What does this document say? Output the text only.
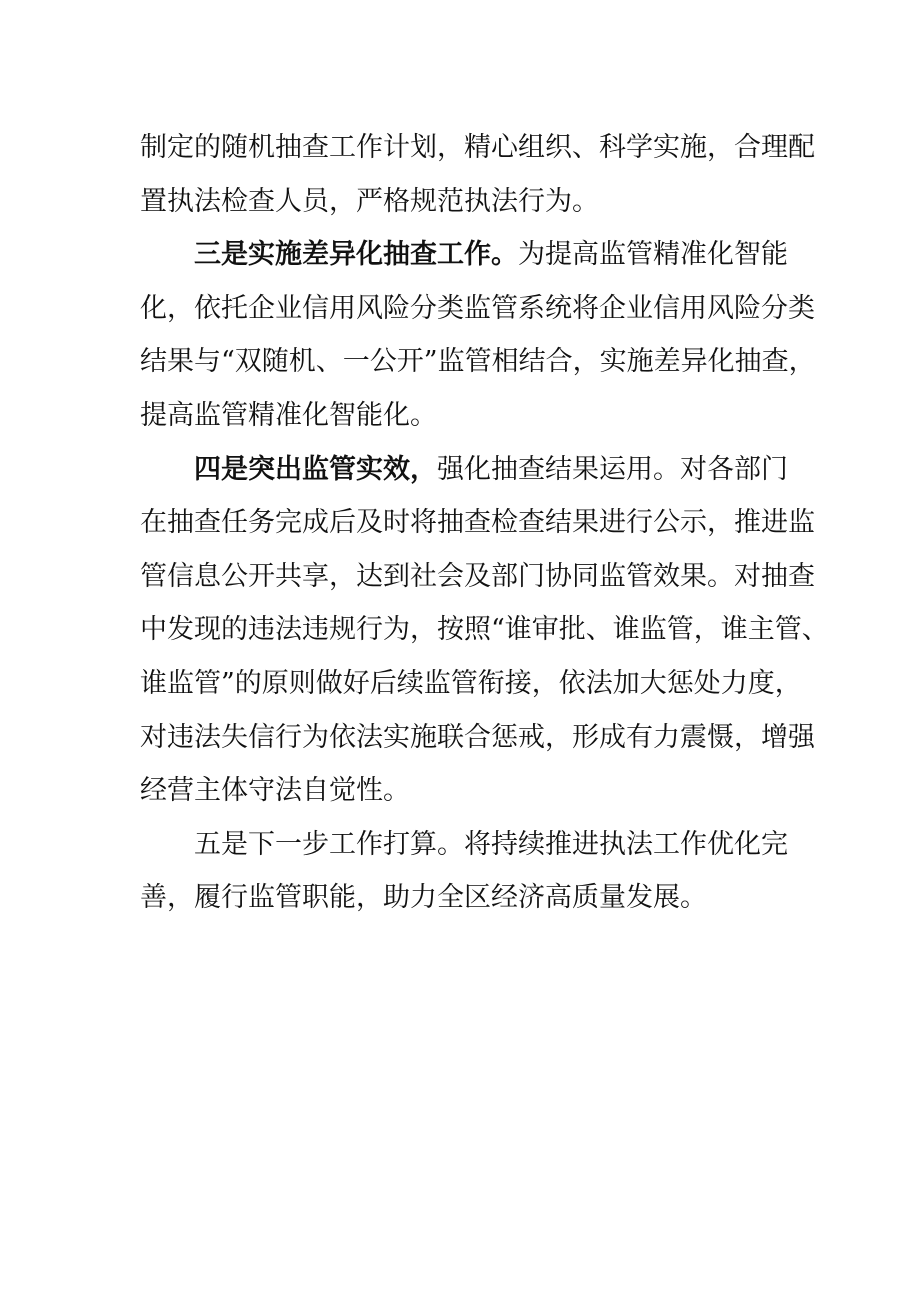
制定的随机抽查工作计划，精心组织、科学实施，合理配
置执法检查人员，严格规范执法行为。
三是实施差异化抽查工作。为提高监管精准化智能
化，依托企业信用风险分类监管系统将企业信用风险分类
结果与“双随机、一公开”监管相结合，实施差异化抽查，
提高监管精准化智能化。
四是突出监管实效，强化抽查结果运用。对各部门
在抽查任务完成后及时将抽查检查结果进行公示，推进监
管信息公开共享，达到社会及部门协同监管效果。对抽查
中发现的违法违规行为，按照“谁审批、谁监管，谁主管、
谁监管”的原则做好后续监管衔接，依法加大惩处力度，
对违法失信行为依法实施联合惩戒，形成有力震慑，增强
经营主体守法自觉性。
五是下一步工作打算。将持续推进执法工作优化完
善，履行监管职能，助力全区经济高质量发展。
